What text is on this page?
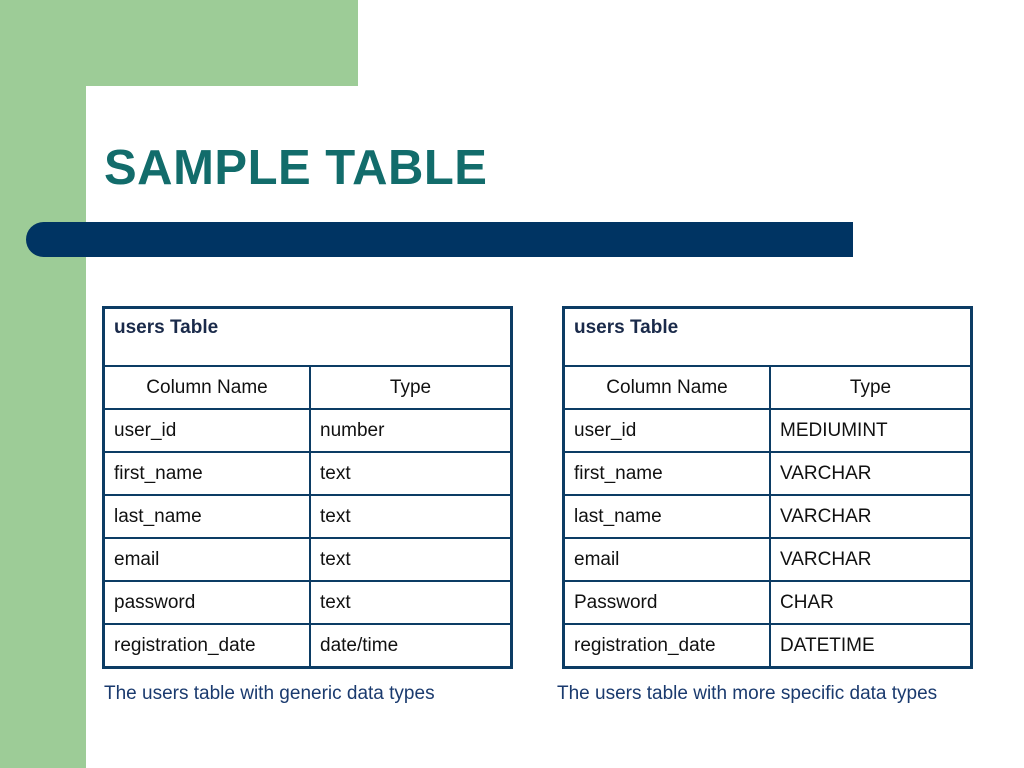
SAMPLE TABLE
users Table	
Column Name	Type
user_id	number
first_name	text
last_name	text
email	text
password	text
registration_date	date/time
users Table	
Column Name	Type
user_id	MEDIUMINT
first_name	VARCHAR
last_name	VARCHAR
email	VARCHAR
Password	CHAR
registration_date	DATETIME
The users table with generic data types	The users table with more specific data types
